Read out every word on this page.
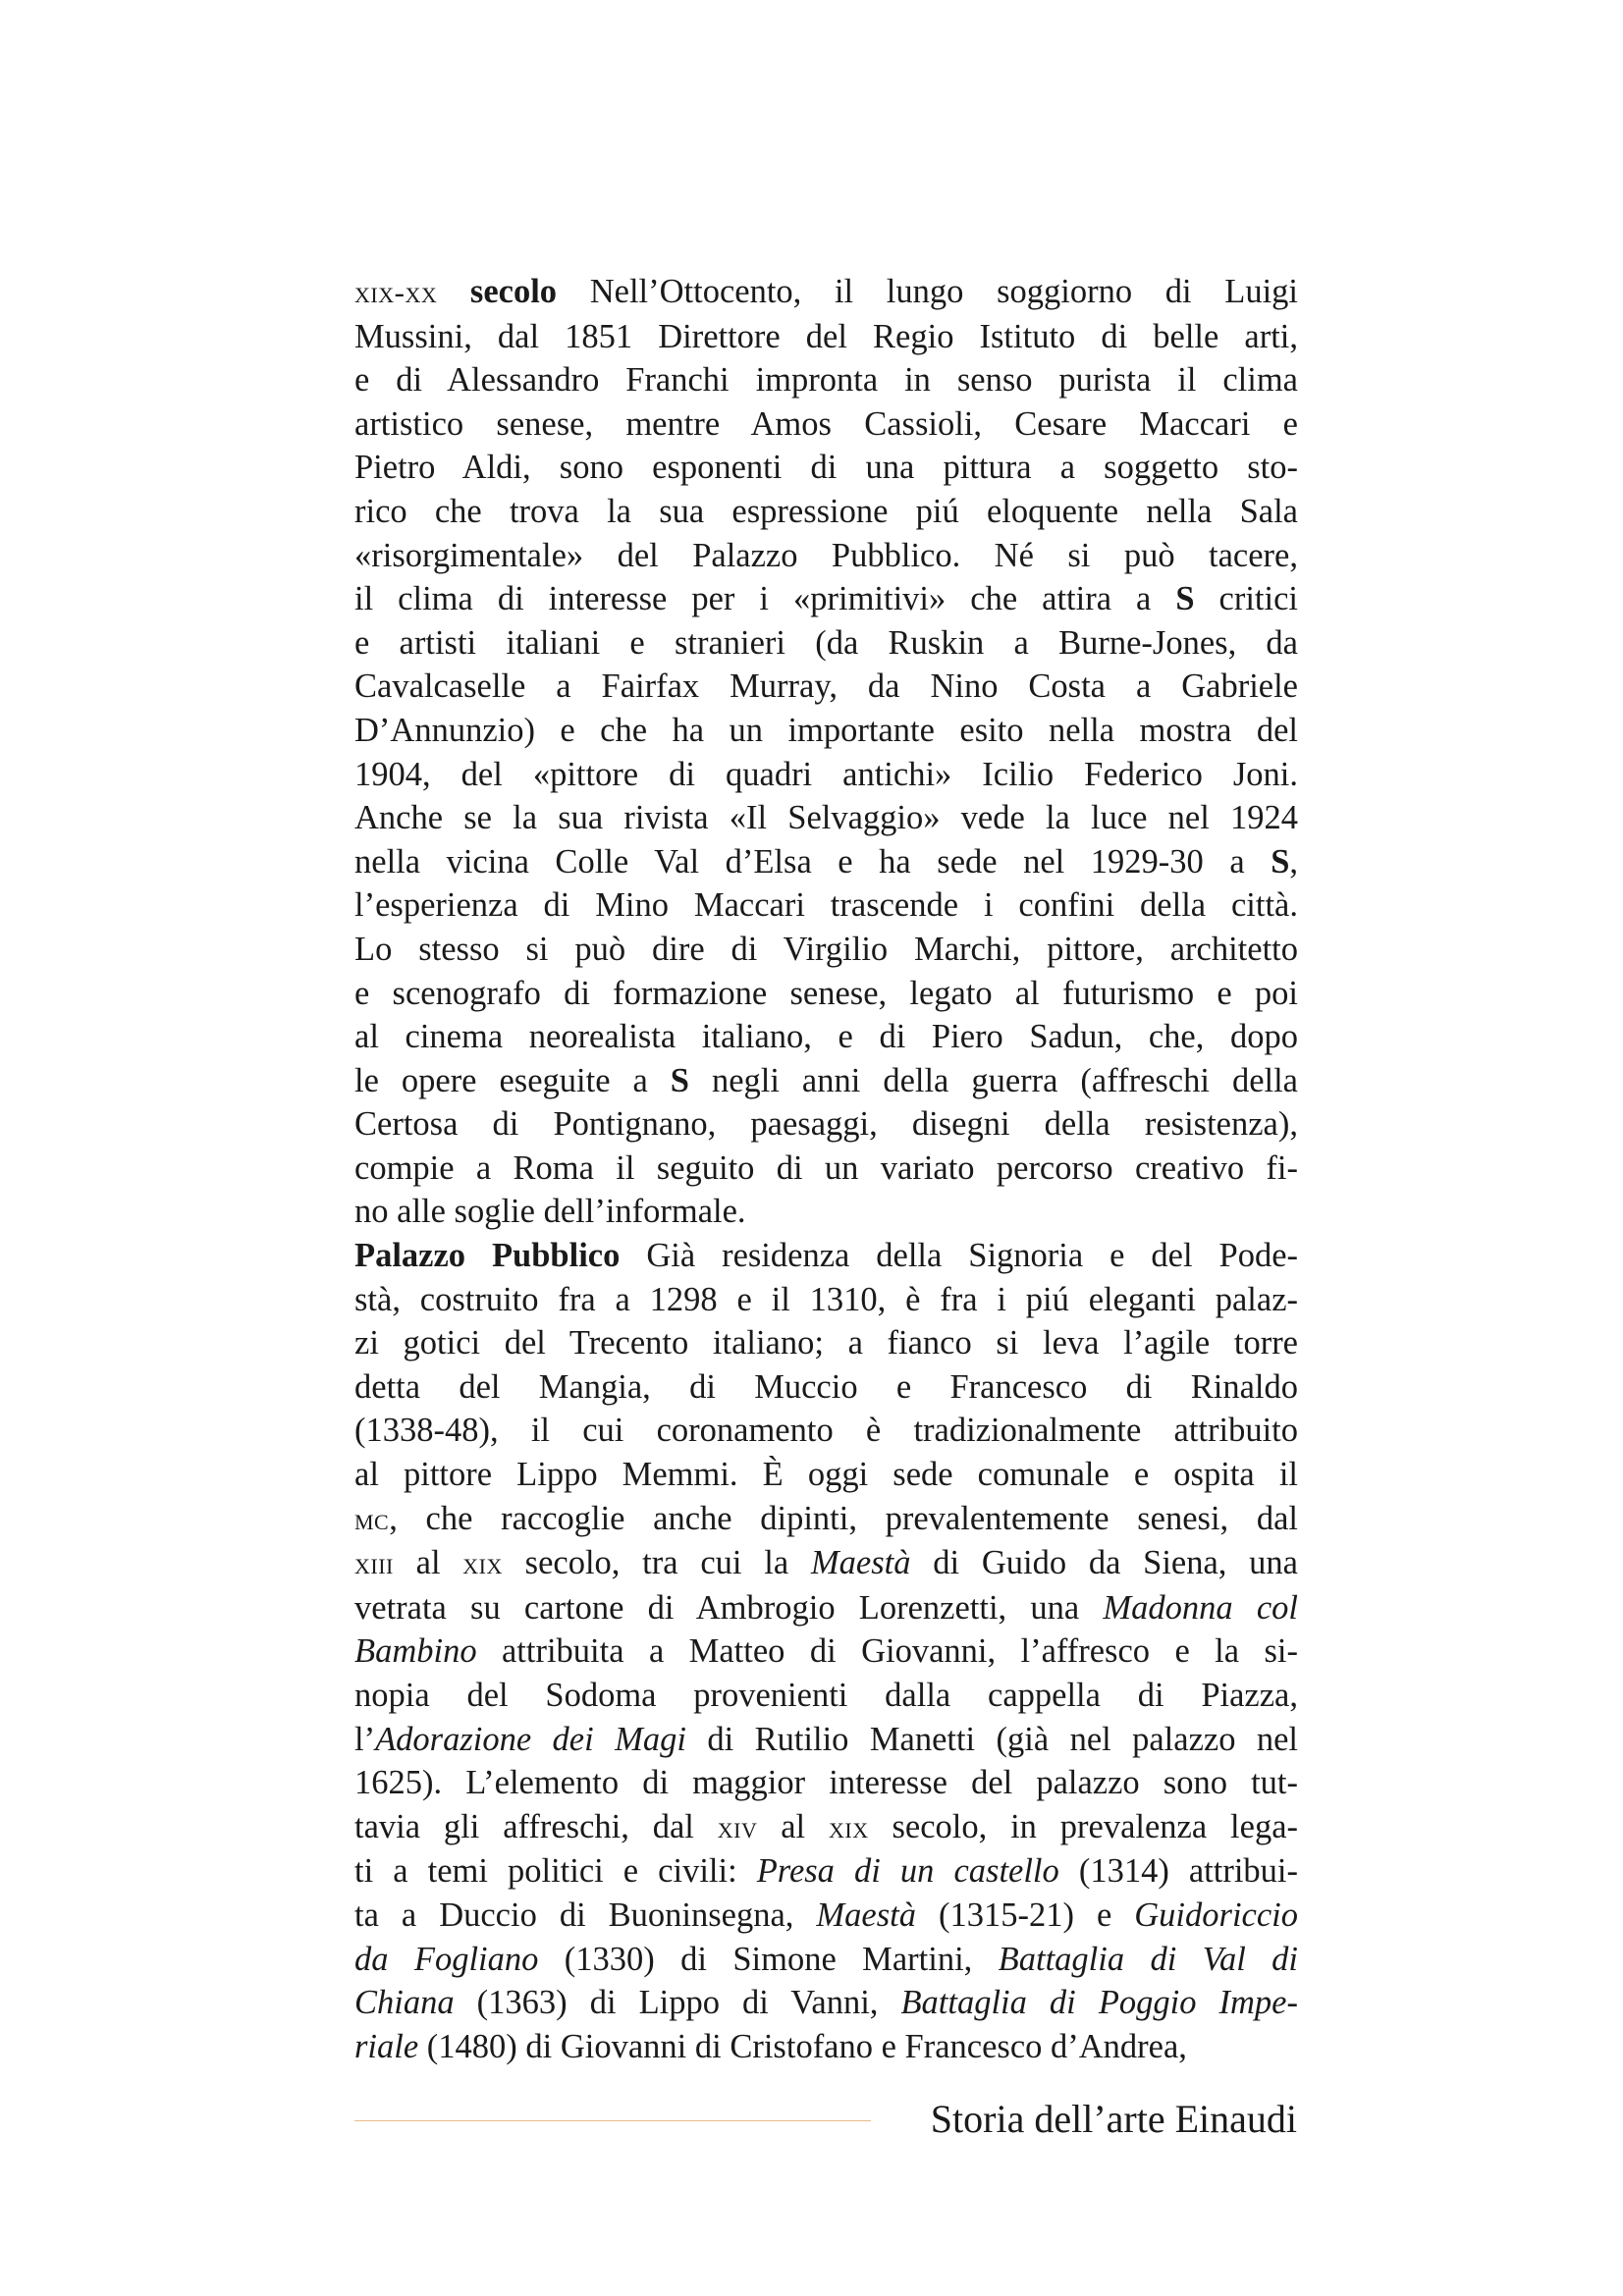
xix-xx secolo Nell’Ottocento, il lungo soggiorno di Luigi
Mussini, dal 1851 Direttore del Regio Istituto di belle arti,
e di Alessandro Franchi impronta in senso purista il clima
artistico senese, mentre Amos Cassioli, Cesare Maccari e
Pietro Aldi, sono esponenti di una pittura a soggetto sto-
rico che trova la sua espressione piú eloquente nella Sala
«risorgimentale» del Palazzo Pubblico. Né si può tacere,
il clima di interesse per i «primitivi» che attira a S critici
e artisti italiani e stranieri (da Ruskin a Burne-Jones, da
Cavalcaselle a Fairfax Murray, da Nino Costa a Gabriele
D’Annunzio) e che ha un importante esito nella mostra del
1904, del «pittore di quadri antichi» Icilio Federico Joni.
Anche se la sua rivista «Il Selvaggio» vede la luce nel 1924
nella vicina Colle Val d’Elsa e ha sede nel 1929-30 a S,
l’esperienza di Mino Maccari trascende i confini della città.
Lo stesso si può dire di Virgilio Marchi, pittore, architetto
e scenografo di formazione senese, legato al futurismo e poi
al cinema neorealista italiano, e di Piero Sadun, che, dopo
le opere eseguite a S negli anni della guerra (affreschi della
Certosa di Pontignano, paesaggi, disegni della resistenza),
compie a Roma il seguito di un variato percorso creativo fi-
no alle soglie dell’informale.
Palazzo Pubblico Già residenza della Signoria e del Pode-
stà, costruito fra a 1298 e il 1310, è fra i piú eleganti palaz-
zi gotici del Trecento italiano; a fianco si leva l’agile torre
detta del Mangia, di Muccio e Francesco di Rinaldo
(1338-48), il cui coronamento è tradizionalmente attribuito
al pittore Lippo Memmi. È oggi sede comunale e ospita il
mc, che raccoglie anche dipinti, prevalentemente senesi, dal
xiii al xix secolo, tra cui la Maestà di Guido da Siena, una
vetrata su cartone di Ambrogio Lorenzetti, una Madonna col
Bambino attribuita a Matteo di Giovanni, l’affresco e la si-
nopia del Sodoma provenienti dalla cappella di Piazza,
l’Adorazione dei Magi di Rutilio Manetti (già nel palazzo nel
1625). L’elemento di maggior interesse del palazzo sono tut-
tavia gli affreschi, dal xiv al xix secolo, in prevalenza lega-
ti a temi politici e civili: Presa di un castello (1314) attribui-
ta a Duccio di Buoninsegna, Maestà (1315-21) e Guidoriccio
da Fogliano (1330) di Simone Martini, Battaglia di Val di
Chiana (1363) di Lippo di Vanni, Battaglia di Poggio Impe-
riale (1480) di Giovanni di Cristofano e Francesco d’Andrea,
Storia dell’arte Einaudi
